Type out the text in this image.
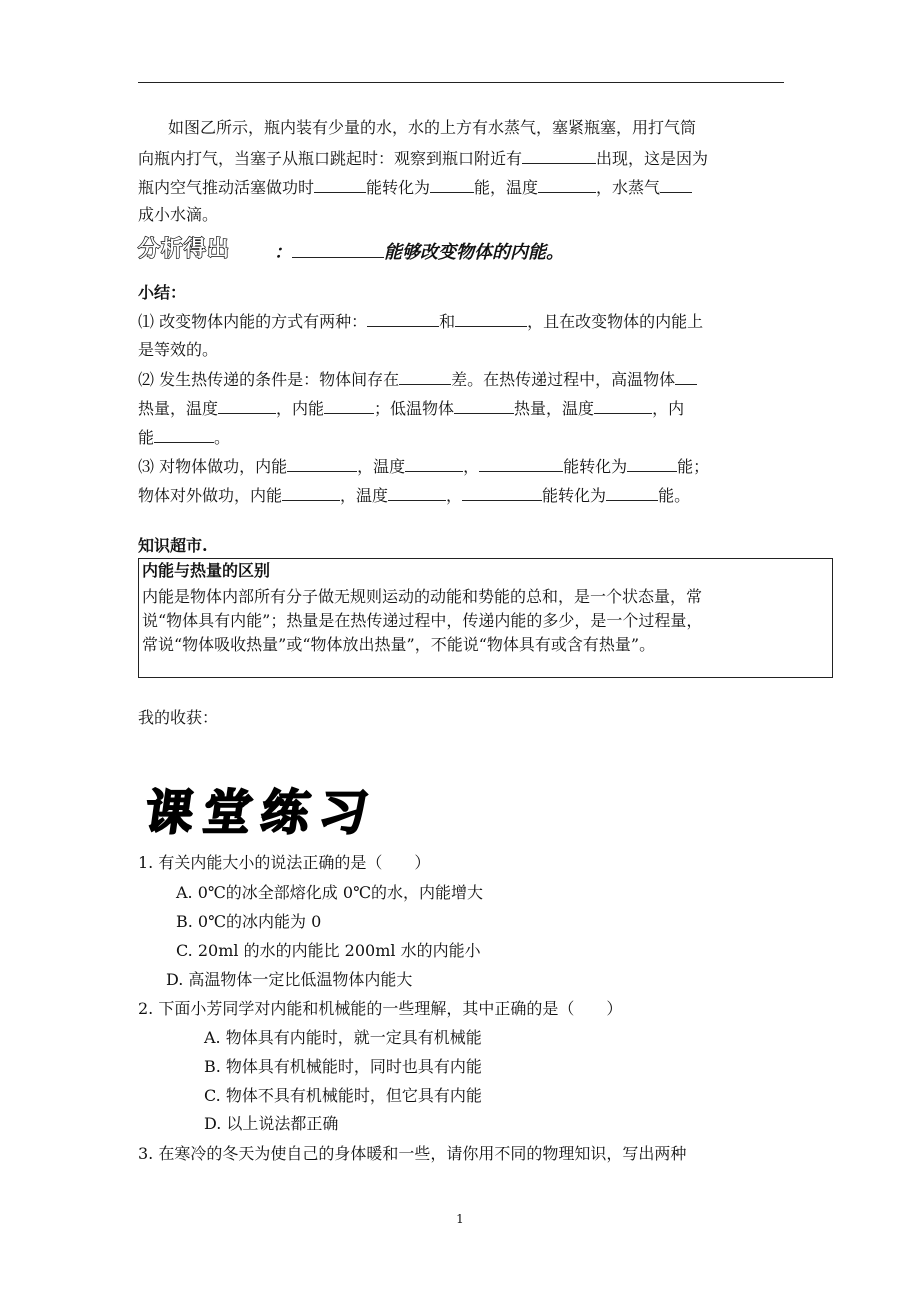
如图乙所示，瓶内装有少量的水，水的上方有水蒸气，塞紧瓶塞，用打气筒
向瓶内打气，当塞子从瓶口跳起时：观察到瓶口附近有	出现，这是因为
瓶内空气推动活塞做功时	能转化为	能，温度	，水蒸气
成小水滴。
分析得出 ：	能够改变物体的内能。
小结：
⑴ 改变物体内能的方式有两种：	和	，且在改变物体的内能上
是等效的。
⑵ 发生热传递的条件是：物体间存在	差。在热传递过程中，高温物体
热量，温度	，内能	；低温物体	热量，温度	，内
能	。
⑶ 对物体做功，内能	，温度	，	能转化为	能；
物体对外做功，内能	，温度	，	能转化为	能。
知识超市.
内能与热量的区别
内能是物体内部所有分子做无规则运动的动能和势能的总和，是一个状态量，常
说“物体具有内能”；热量是在热传递过程中，传递内能的多少，是一个过程量，
常说“物体吸收热量”或“物体放出热量”，不能说“物体具有或含有热量”。
我的收获：
课堂练习
1. 有关内能大小的说法正确的是（　　）
A. 0℃的冰全部熔化成 0℃的水，内能增大
B. 0℃的冰内能为 0
C. 20ml 的水的内能比 200ml 水的内能小
D. 高温物体一定比低温物体内能大
2. 下面小芳同学对内能和机械能的一些理解，其中正确的是（　　）
A. 物体具有内能时，就一定具有机械能
B. 物体具有机械能时，同时也具有内能
C. 物体不具有机械能时，但它具有内能
D. 以上说法都正确
3. 在寒冷的冬天为使自己的身体暖和一些，请你用不同的物理知识，写出两种
1
